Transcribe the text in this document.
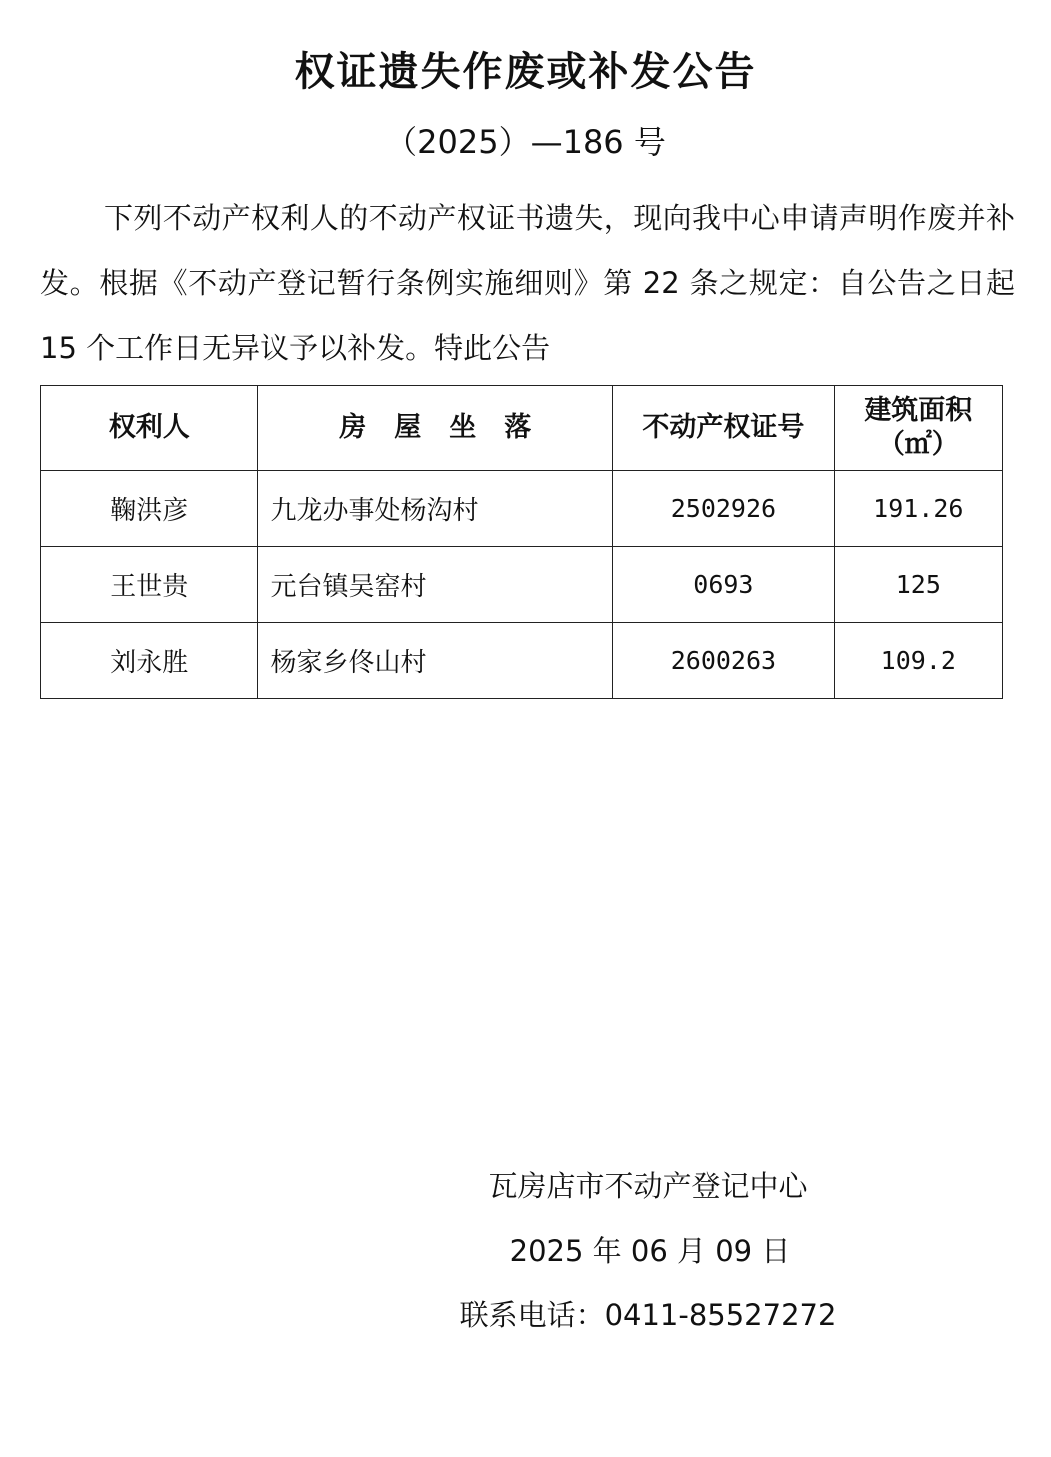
权证遗失作废或补发公告

（2025）—186 号

下列不动产权利人的不动产权证书遗失，现向我中心申请声明作废并补发。根据《不动产登记暂行条例实施细则》第 22 条之规定：自公告之日起 15 个工作日无异议予以补发。特此公告

权利人	房 屋 坐 落	不动产权证号	建筑面积
（㎡）

鞠洪彦	九龙办事处杨沟村	2502926	191.26
王世贵	元台镇吴窑村	0693	125
刘永胜	杨家乡佟山村	2600263	109.2

瓦房店市不动产登记中心

2025 年 06 月 09 日

联系电话：0411-85527272
